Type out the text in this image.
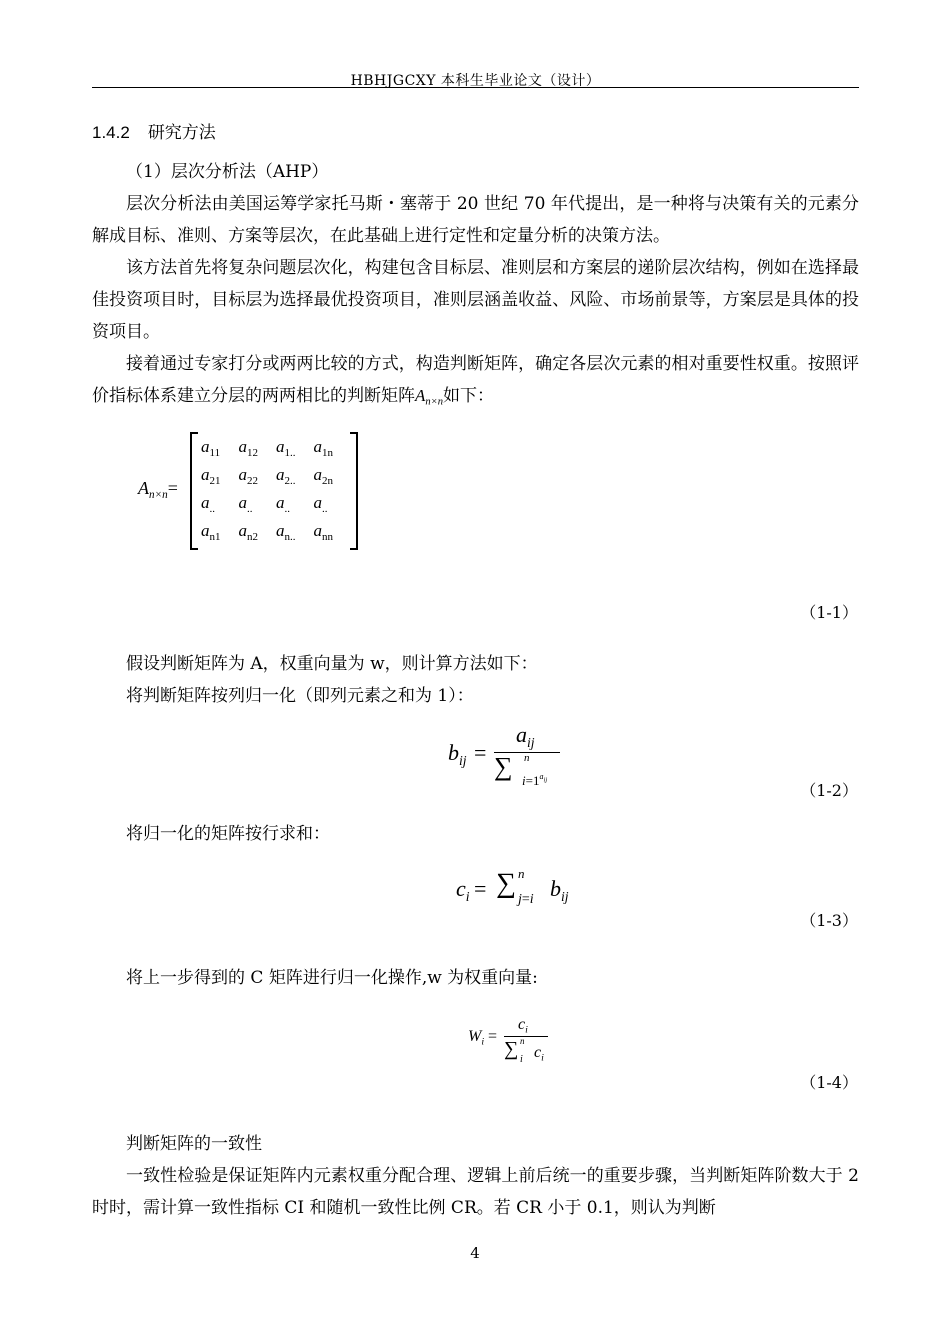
HBHJGCXY 本科生毕业论文（设计）
1.4.2 研究方法
（1）层次分析法（AHP）
层次分析法由美国运筹学家托马斯・塞蒂于 20 世纪 70 年代提出，是一种将与决策有关的元素分解成目标、准则、方案等层次，在此基础上进行定性和定量分析的决策方法。
该方法首先将复杂问题层次化，构建包含目标层、准则层和方案层的递阶层次结构，例如在选择最佳投资项目时，目标层为选择最优投资项目，准则层涵盖收益、风险、市场前景等，方案层是具体的投资项目。
接着通过专家打分或两两比较的方式，构造判断矩阵，确定各层次元素的相对重要性权重。按照评价指标体系建立分层的两两相比的判断矩阵$A_{n\times n}$如下：
$A_{n\times n}=$
$a_{11}$	$a_{12}$	$a_{1..}$	$a_{1n}$
$a_{21}$	$a_{22}$	$a_{2..}$	$a_{2n}$
$a_{..}$	$a_{..}$	$a_{..}$	$a_{..}$
$a_{n1}$	$a_{n2}$	$a_{n..}$	$a_{nn}$
（1-1）
假设判断矩阵为 A，权重向量为 w，则计算方法如下：
将判断矩阵按列归一化（即列元素之和为 1）：
$b_{ij}$ =
$a_{ij}$
∑ n
$i=1^{a_{ij}}$
（1-2）
将归一化的矩阵按行求和：
$c_i$ = ∑ n
j=i $b_{ij}$
（1-3）
将上一步得到的 C 矩阵进行归一化操作,w 为权重向量:
$W_i$ =
$c_i$
∑ n
i $c_i$
（1-4）
判断矩阵的一致性
一致性检验是保证矩阵内元素权重分配合理、逻辑上前后统一的重要步骤，当判断矩阵阶数大于 2 时时，需计算一致性指标 CI 和随机一致性比例 CR。若 CR 小于 0.1，则认为判断
4
